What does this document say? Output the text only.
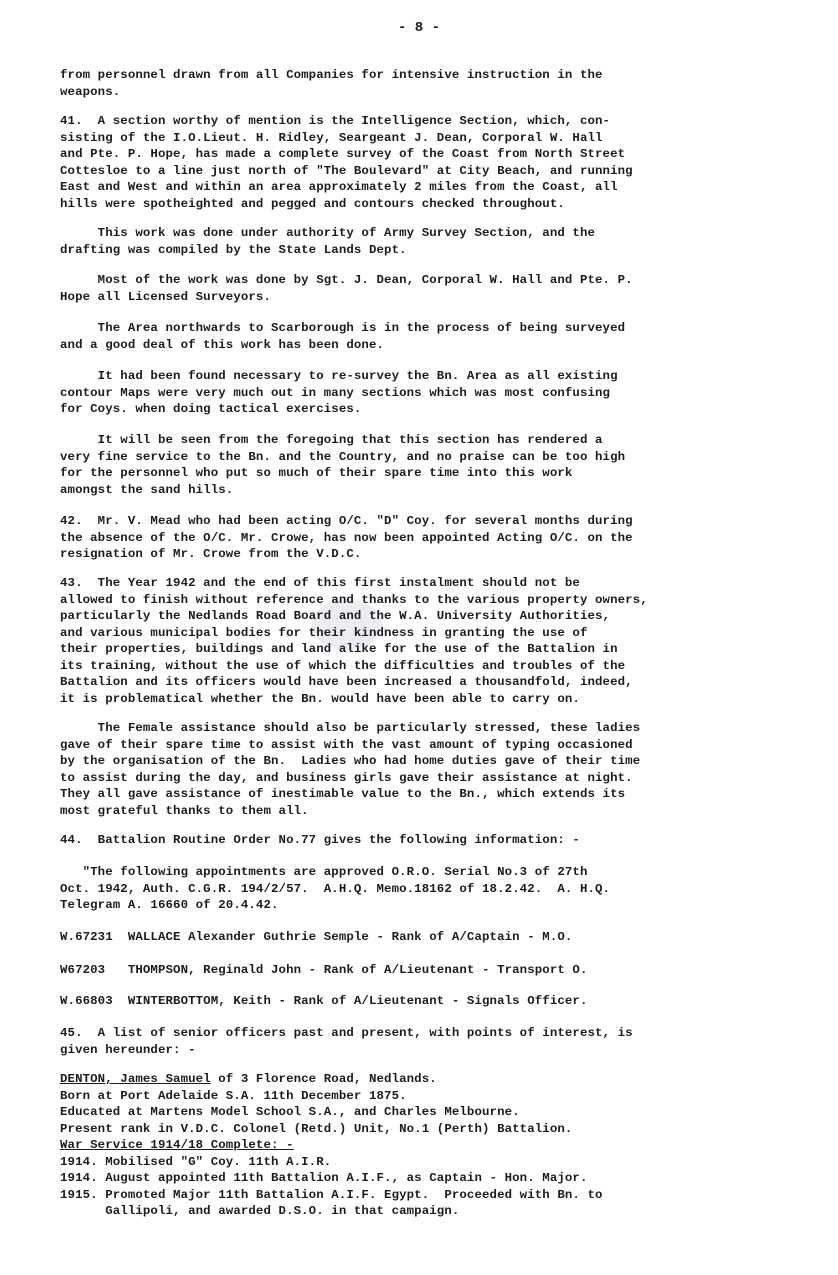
- 8 -
from personnel drawn from all Companies for intensive instruction in the
weapons.
41.  A section worthy of mention is the Intelligence Section, which, con-
sisting of the I.O.Lieut. H. Ridley, Seargeant J. Dean, Corporal W. Hall
and Pte. P. Hope, has made a complete survey of the Coast from North Street
Cottesloe to a line just north of "The Boulevard" at City Beach, and running
East and West and within an area approximately 2 miles from the Coast, all
hills were spotheighted and pegged and contours checked throughout.
This work was done under authority of Army Survey Section, and the
drafting was compiled by the State Lands Dept.
Most of the work was done by Sgt. J. Dean, Corporal W. Hall and Pte. P.
Hope all Licensed Surveyors.
The Area northwards to Scarborough is in the process of being surveyed
and a good deal of this work has been done.
It had been found necessary to re-survey the Bn. Area as all existing
contour Maps were very much out in many sections which was most confusing
for Coys. when doing tactical exercises.
It will be seen from the foregoing that this section has rendered a
very fine service to the Bn. and the Country, and no praise can be too high
for the personnel who put so much of their spare time into this work
amongst the sand hills.
42.  Mr. V. Mead who had been acting O/C. "D" Coy. for several months during
the absence of the O/C. Mr. Crowe, has now been appointed Acting O/C. on the
resignation of Mr. Crowe from the V.D.C.
43.  The Year 1942 and the end of this first instalment should not be
allowed to finish without reference and thanks to the various property owners,
particularly the Nedlands Road Board and the W.A. University Authorities,
and various municipal bodies for their kindness in granting the use of
their properties, buildings and land alike for the use of the Battalion in
its training, without the use of which the difficulties and troubles of the
Battalion and its officers would have been increased a thousandfold, indeed,
it is problematical whether the Bn. would have been able to carry on.
The Female assistance should also be particularly stressed, these ladies
gave of their spare time to assist with the vast amount of typing occasioned
by the organisation of the Bn.  Ladies who had home duties gave of their time
to assist during the day, and business girls gave their assistance at night.
They all gave assistance of inestimable value to the Bn., which extends its
most grateful thanks to them all.
44.  Battalion Routine Order No.77 gives the following information: -
"The following appointments are approved O.R.O. Serial No.3 of 27th
Oct. 1942, Auth. C.G.R. 194/2/57.  A.H.Q. Memo.18162 of 18.2.42.  A. H.Q.
Telegram A. 16660 of 20.4.42.
W.67231  WALLACE Alexander Guthrie Semple - Rank of A/Captain - M.O.
W67203   THOMPSON, Reginald John - Rank of A/Lieutenant - Transport O.
W.66803  WINTERBOTTOM, Keith - Rank of A/Lieutenant - Signals Officer.
45.  A list of senior officers past and present, with points of interest, is
given hereunder: -
DENTON, James Samuel of 3 Florence Road, Nedlands.
Born at Port Adelaide S.A. 11th December 1875.
Educated at Martens Model School S.A., and Charles Melbourne.
Present rank in V.D.C. Colonel (Retd.) Unit, No.1 (Perth) Battalion.
War Service 1914/18 Complete: -
1914. Mobilised "G" Coy. 11th A.I.R.
1914. August appointed 11th Battalion A.I.F., as Captain - Hon. Major.
1915. Promoted Major 11th Battalion A.I.F. Egypt.  Proceeded with Bn. to
Gallipoli, and awarded D.S.O. in that campaign.
